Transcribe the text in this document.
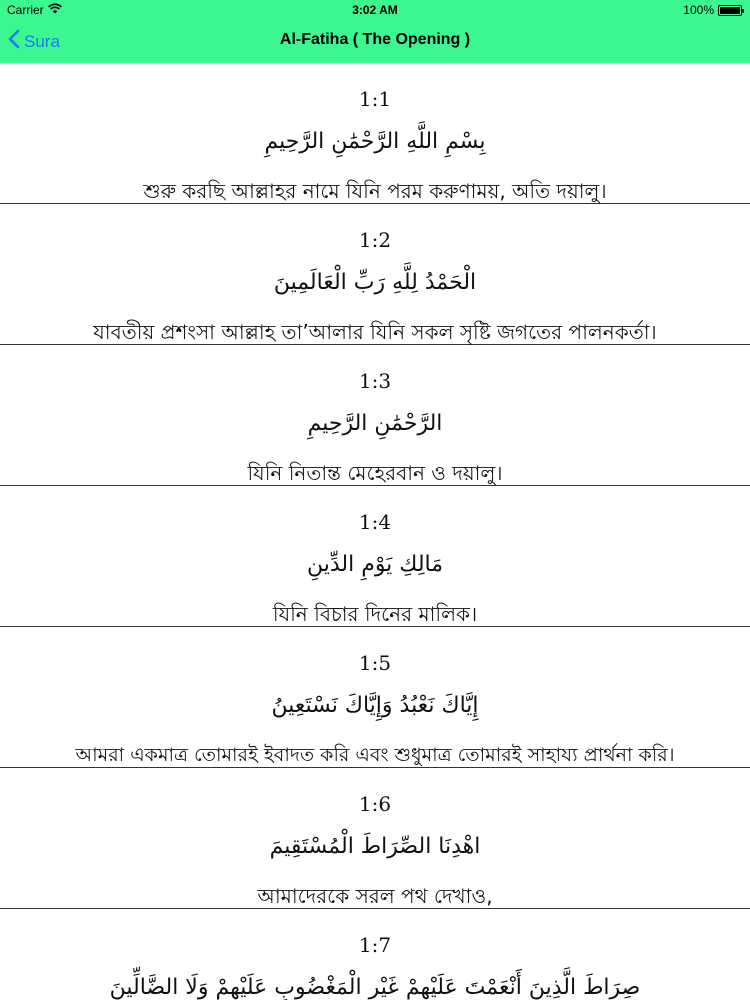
Carrier	3:02 AM	100%
Sura	Al-Fatiha ( The Opening )
1:1
بِسْمِ اللَّهِ الرَّحْمَٰنِ الرَّحِيمِ
শুরু করছি আল্লাহর নামে যিনি পরম করুণাময়, অতি দয়ালু।
1:2
الْحَمْدُ لِلَّهِ رَبِّ الْعَالَمِينَ
যাবতীয় প্রশংসা আল্লাহ তা’আলার যিনি সকল সৃষ্টি জগতের পালনকর্তা।
1:3
الرَّحْمَٰنِ الرَّحِيمِ
যিনি নিতান্ত মেহেরবান ও দয়ালু।
1:4
مَالِكِ يَوْمِ الدِّينِ
যিনি বিচার দিনের মালিক।
1:5
إِيَّاكَ نَعْبُدُ وَإِيَّاكَ نَسْتَعِينُ
আমরা একমাত্র তোমারই ইবাদত করি এবং শুধুমাত্র তোমারই সাহায্য প্রার্থনা করি।
1:6
اهْدِنَا الصِّرَاطَ الْمُسْتَقِيمَ
আমাদেরকে সরল পথ দেখাও,
1:7
صِرَاطَ الَّذِينَ أَنْعَمْتَ عَلَيْهِمْ غَيْرِ الْمَغْضُوبِ عَلَيْهِمْ وَلَا الضَّالِّينَ
